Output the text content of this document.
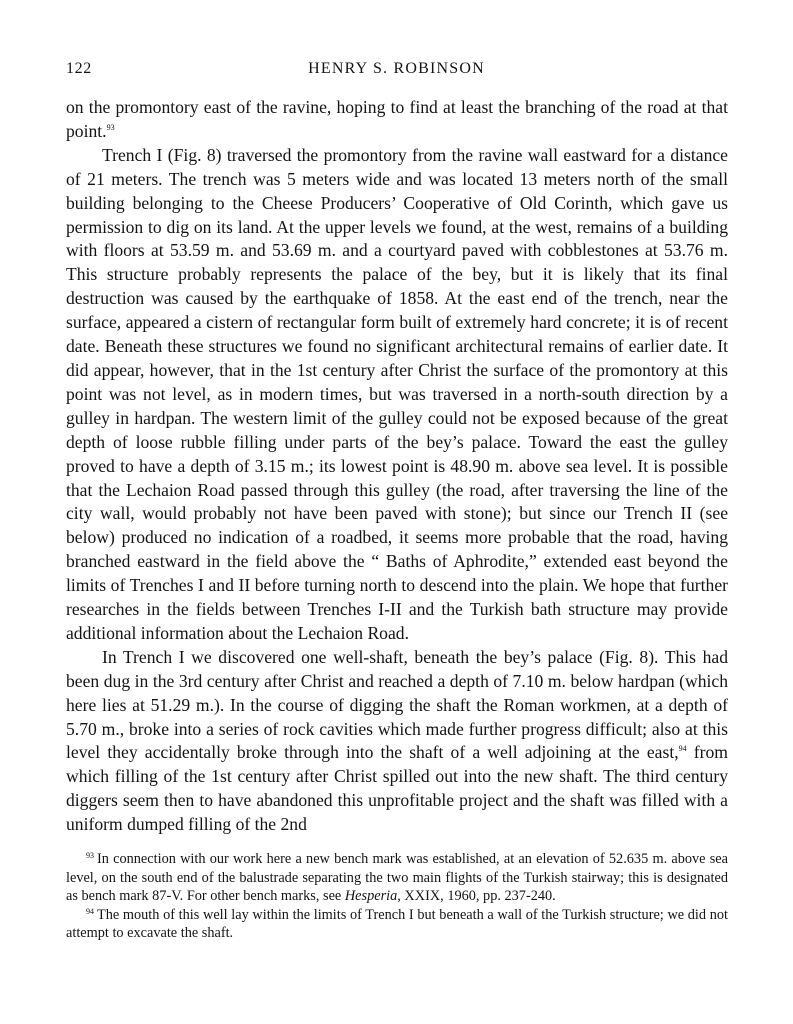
122	HENRY S. ROBINSON

on the promontory east of the ravine, hoping to find at least the branching of the road at that point.$^{93}$

Trench I (Fig. 8) traversed the promontory from the ravine wall eastward for a distance of 21 meters. The trench was 5 meters wide and was located 13 meters north of the small building belonging to the Cheese Producers’ Cooperative of Old Corinth, which gave us permission to dig on its land. At the upper levels we found, at the west, remains of a building with floors at 53.59 m. and 53.69 m. and a courtyard paved with cobblestones at 53.76 m. This structure probably represents the palace of the bey, but it is likely that its final destruction was caused by the earthquake of 1858. At the east end of the trench, near the surface, appeared a cistern of rectangular form built of extremely hard concrete; it is of recent date. Beneath these structures we found no significant architectural remains of earlier date. It did appear, however, that in the 1st century after Christ the surface of the promontory at this point was not level, as in modern times, but was traversed in a north-south direction by a gulley in hardpan. The western limit of the gulley could not be exposed because of the great depth of loose rubble filling under parts of the bey’s palace. Toward the east the gulley proved to have a depth of 3.15 m.; its lowest point is 48.90 m. above sea level. It is possible that the Lechaion Road passed through this gulley (the road, after traversing the line of the city wall, would probably not have been paved with stone); but since our Trench II (see below) produced no indication of a roadbed, it seems more probable that the road, having branched eastward in the field above the “ Baths of Aphrodite,” extended east beyond the limits of Trenches I and II before turning north to descend into the plain. We hope that further researches in the fields between Trenches I-II and the Turkish bath structure may provide additional information about the Lechaion Road.

In Trench I we discovered one well-shaft, beneath the bey’s palace (Fig. 8). This had been dug in the 3rd century after Christ and reached a depth of 7.10 m. below hardpan (which here lies at 51.29 m.). In the course of digging the shaft the Roman workmen, at a depth of 5.70 m., broke into a series of rock cavities which made further progress difficult; also at this level they accidentally broke through into the shaft of a well adjoining at the east,$^{94}$ from which filling of the 1st century after Christ spilled out into the new shaft. The third century diggers seem then to have abandoned this unprofitable project and the shaft was filled with a uniform dumped filling of the 2nd

$^{93}$ In connection with our work here a new bench mark was established, at an elevation of 52.635 m. above sea level, on the south end of the balustrade separating the two main flights of the Turkish stairway; this is designated as bench mark 87-V. For other bench marks, see Hesperia, XXIX, 1960, pp. 237-240.

$^{94}$ The mouth of this well lay within the limits of Trench I but beneath a wall of the Turkish structure; we did not attempt to excavate the shaft.
